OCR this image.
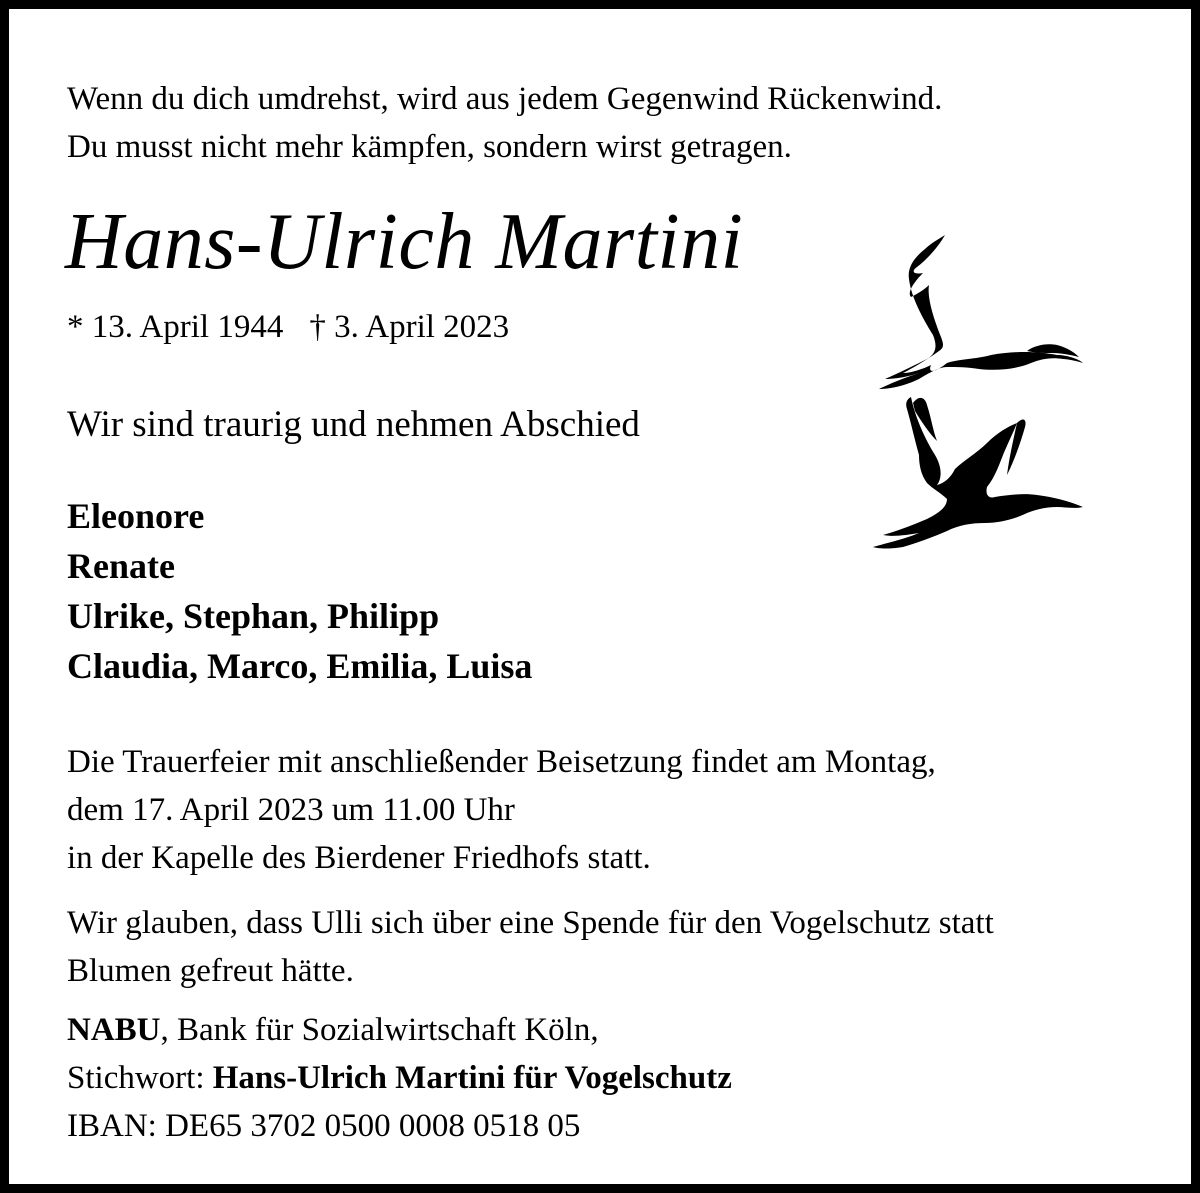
Wenn du dich umdrehst, wird aus jedem Gegenwind Rückenwind.
Du musst nicht mehr kämpfen, sondern wirst getragen.
Hans-Ulrich Martini
* 13. April 1944 † 3. April 2023
Wir sind traurig und nehmen Abschied
Eleonore
Renate
Ulrike, Stephan, Philipp
Claudia, Marco, Emilia, Luisa
Die Trauerfeier mit anschließender Beisetzung findet am Montag,
dem 17. April 2023 um 11.00 Uhr
in der Kapelle des Bierdener Friedhofs statt.
Wir glauben, dass Ulli sich über eine Spende für den Vogelschutz statt
Blumen gefreut hätte.
NABU, Bank für Sozialwirtschaft Köln,
Stichwort: Hans-Ulrich Martini für Vogelschutz
IBAN: DE65 3702 0500 0008 0518 05
